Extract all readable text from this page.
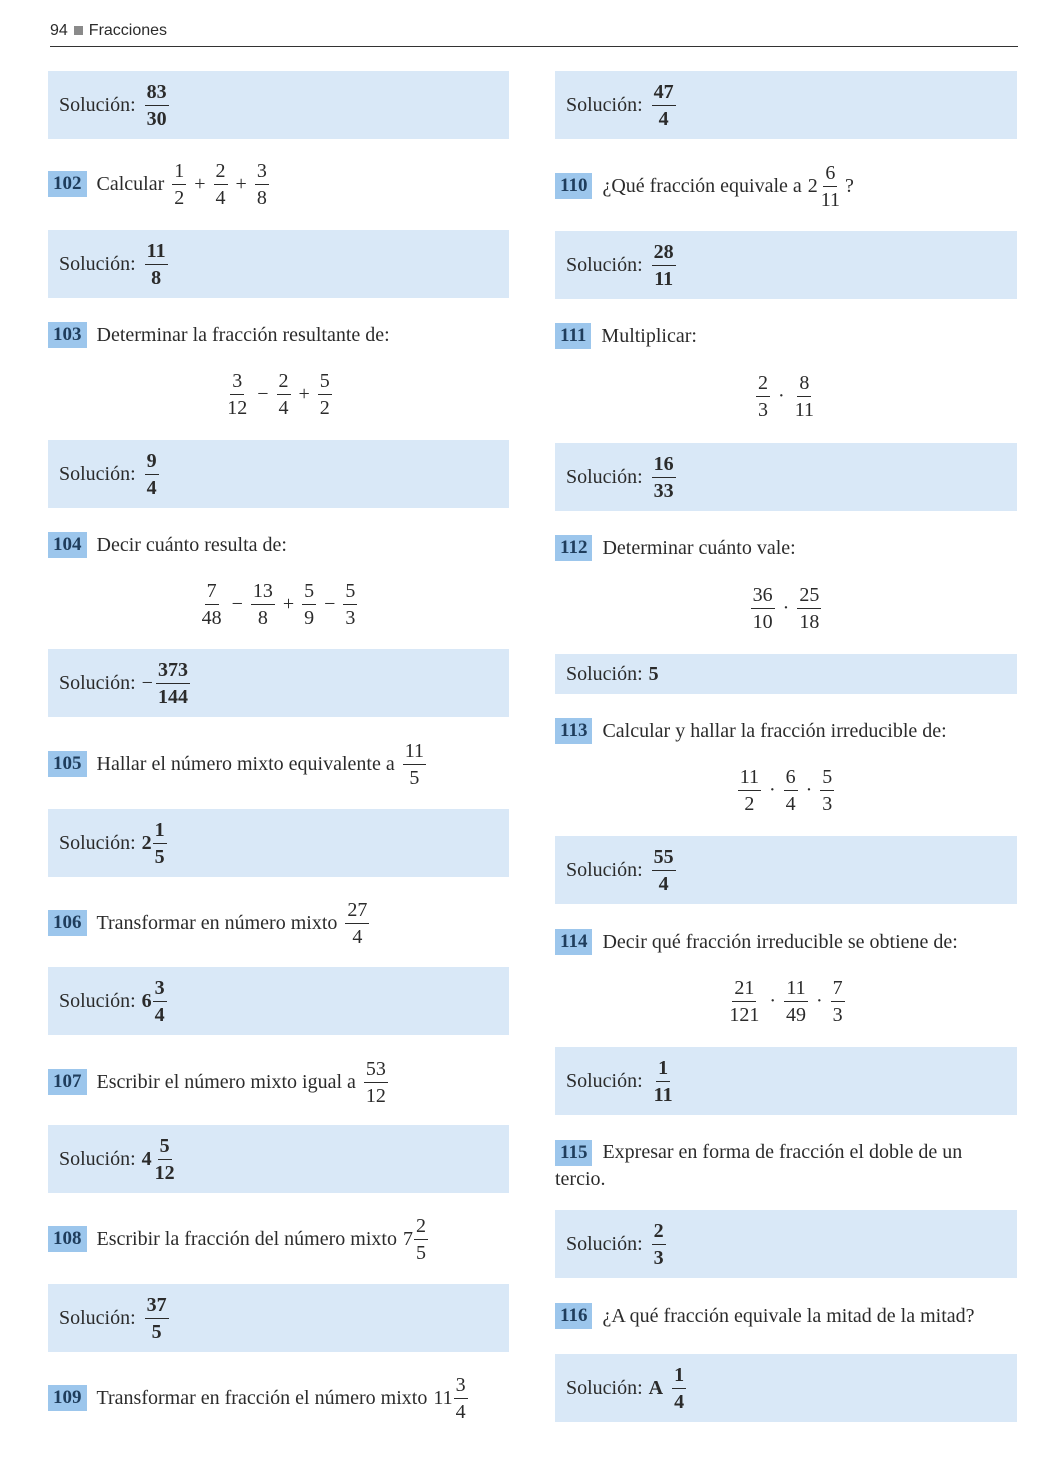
94 Fracciones
Solución: $\frac{83}{30}$
102 Calcular $\frac{1}{2} + \frac{2}{4} + \frac{3}{8}$
Solución: $\frac{11}{8}$
103 Determinar la fracción resultante de:
$\frac{3}{12} - \frac{2}{4} + \frac{5}{2}$
Solución: $\frac{9}{4}$
104 Decir cuánto resulta de:
$\frac{7}{48} - \frac{13}{8} + \frac{5}{9} - \frac{5}{3}$
Solución: − $\frac{373}{144}$
105 Hallar el número mixto equivalente a $\frac{11}{5}$
Solución: $2 \frac{1}{5}$
106 Transformar en número mixto $\frac{27}{4}$
Solución: $6 \frac{3}{4}$
107 Escribir el número mixto igual a $\frac{53}{12}$
Solución: $4 \frac{5}{12}$
108 Escribir la fracción del número mixto $7 \frac{2}{5}$
Solución: $\frac{37}{5}$
109 Transformar en fracción el número mixto $11 \frac{3}{4}$
Solución: $\frac{47}{4}$
110 ¿Qué fracción equivale a $2 \frac{6}{11}$ ?
Solución: $\frac{28}{11}$
111 Multiplicar:
$\frac{2}{3} \cdot \frac{8}{11}$
Solución: $\frac{16}{33}$
112 Determinar cuánto vale:
$\frac{36}{10} \cdot \frac{25}{18}$
Solución: 5
113 Calcular y hallar la fracción irreducible de:
$\frac{11}{2} \cdot \frac{6}{4} \cdot \frac{5}{3}$
Solución: $\frac{55}{4}$
114 Decir qué fracción irreducible se obtiene de:
$\frac{21}{121} \cdot \frac{11}{49} \cdot \frac{7}{3}$
Solución: $\frac{1}{11}$
115 Expresar en forma de fracción el doble de un
tercio.
Solución: $\frac{2}{3}$
116 ¿A qué fracción equivale la mitad de la mitad?
Solución: A $\frac{1}{4}$
